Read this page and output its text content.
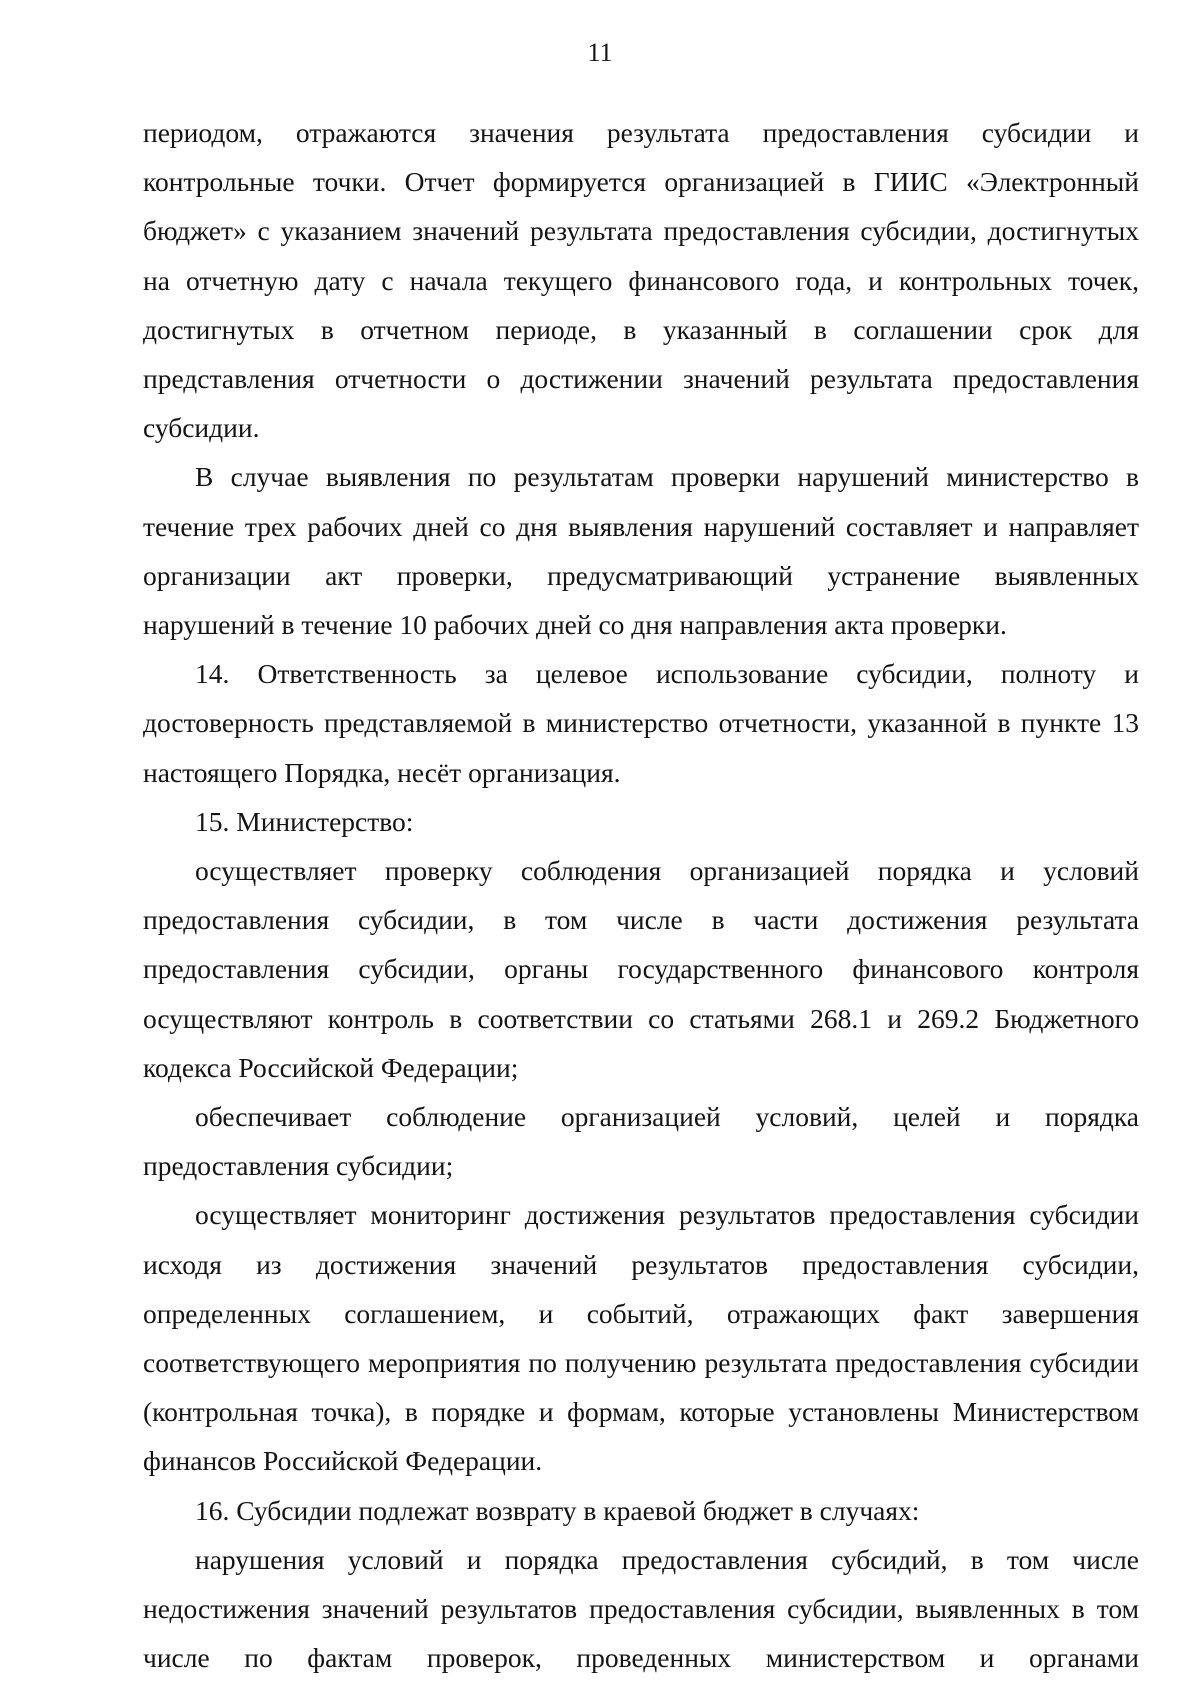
11

периодом, отражаются значения результата предоставления субсидии и контрольные точки. Отчет формируется организацией в ГИИС «Электронный бюджет» с указанием значений результата предоставления субсидии, достигнутых на отчетную дату с начала текущего финансового года, и контрольных точек, достигнутых в отчетном периоде, в указанный в соглашении срок для представления отчетности о достижении значений результата предоставления субсидии.

В случае выявления по результатам проверки нарушений министерство в течение трех рабочих дней со дня выявления нарушений составляет и направляет организации акт проверки, предусматривающий устранение выявленных нарушений в течение 10 рабочих дней со дня направления акта проверки.

14. Ответственность за целевое использование субсидии, полноту и достоверность представляемой в министерство отчетности, указанной в пункте 13 настоящего Порядка, несёт организация.

15. Министерство:

осуществляет проверку соблюдения организацией порядка и условий предоставления субсидии, в том числе в части достижения результата предоставления субсидии, органы государственного финансового контроля осуществляют контроль в соответствии со статьями 268.1 и 269.2 Бюджетного кодекса Российской Федерации;

обеспечивает соблюдение организацией условий, целей и порядка предоставления субсидии;

осуществляет мониторинг достижения результатов предоставления субсидии исходя из достижения значений результатов предоставления субсидии, определенных соглашением, и событий, отражающих факт завершения соответствующего мероприятия по получению результата предоставления субсидии (контрольная точка), в порядке и формам, которые установлены Министерством финансов Российской Федерации.

16. Субсидии подлежат возврату в краевой бюджет в случаях:

нарушения условий и порядка предоставления субсидий, в том числе недостижения значений результатов предоставления субсидии, выявленных в том числе по фактам проверок, проведенных министерством и органами
